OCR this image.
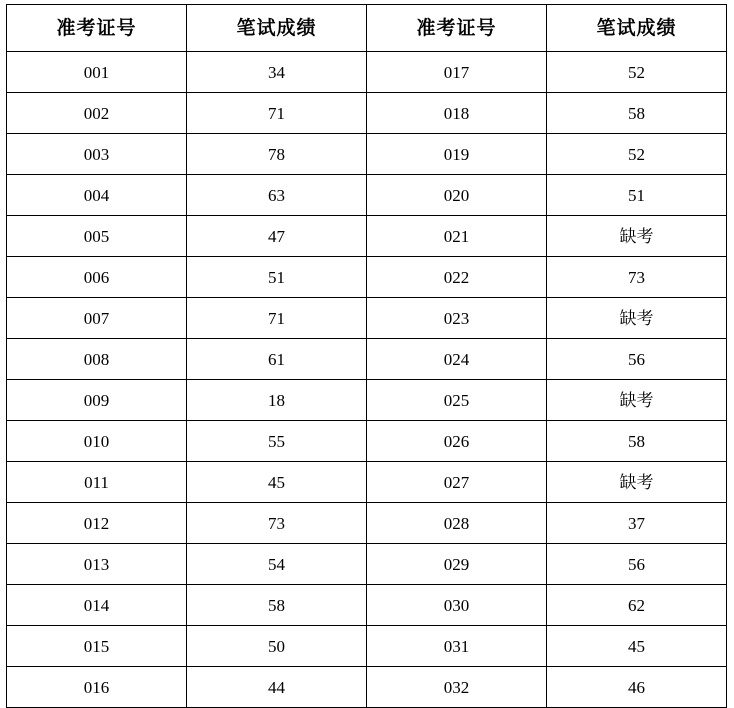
准考证号	笔试成绩	准考证号	笔试成绩
001	34	017	52
002	71	018	58
003	78	019	52
004	63	020	51
005	47	021	缺考
006	51	022	73
007	71	023	缺考
008	61	024	56
009	18	025	缺考
010	55	026	58
011	45	027	缺考
012	73	028	37
013	54	029	56
014	58	030	62
015	50	031	45
016	44	032	46
